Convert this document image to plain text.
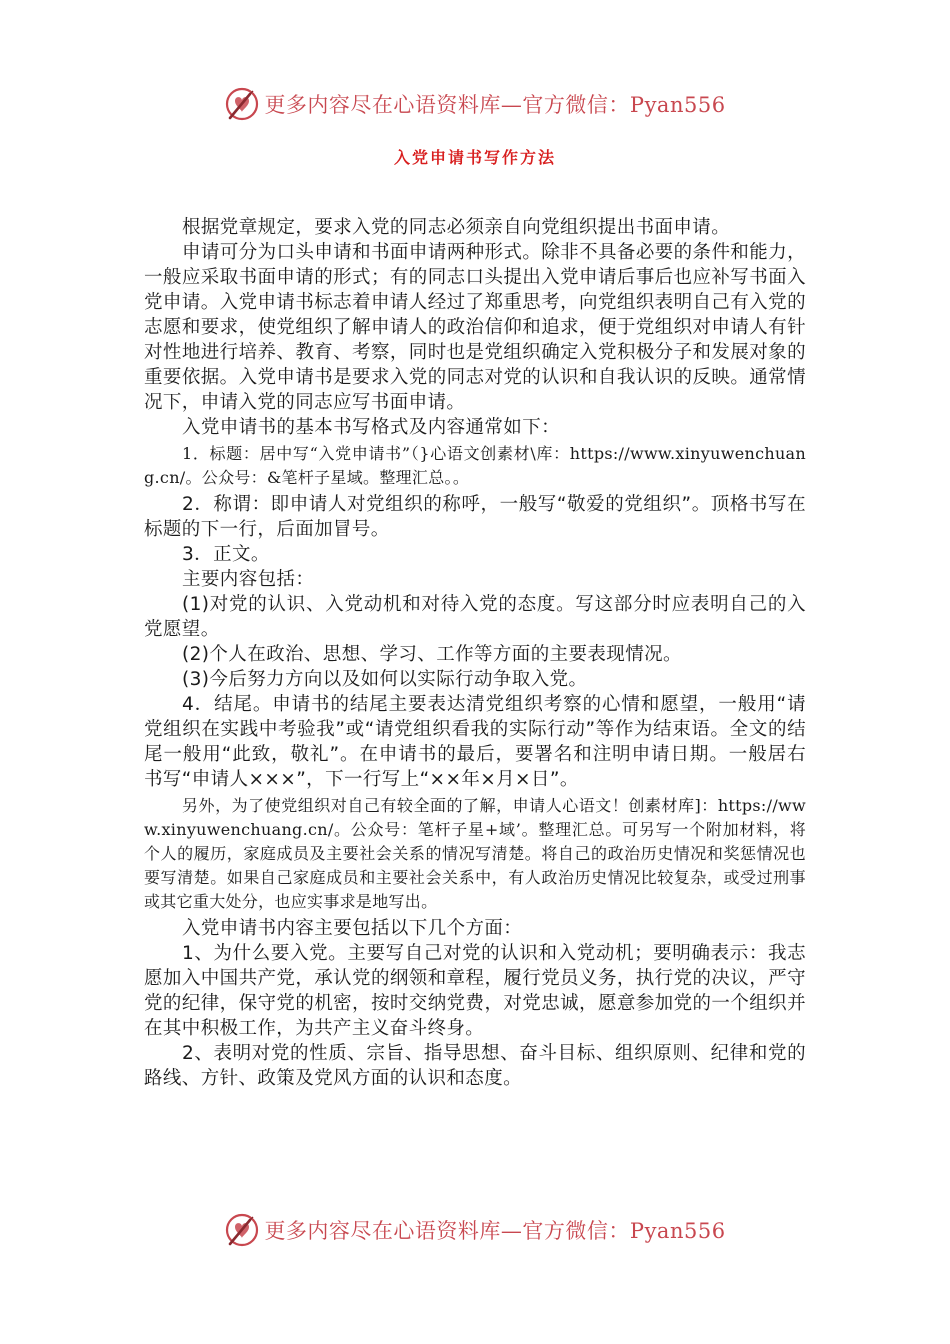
更多内容尽在心语资料库—官方微信：Pyan556
入党申请书写作方法

根据党章规定，要求入党的同志必须亲自向党组织提出书面申请。

申请可分为口头申请和书面申请两种形式。除非不具备必要的条件和能力，一般应采取书面申请的形式；有的同志口头提出入党申请后事后也应补写书面入党申请。入党申请书标志着申请人经过了郑重思考，向党组织表明自己有入党的志愿和要求，使党组织了解申请人的政治信仰和追求，便于党组织对申请人有针对性地进行培养、教育、考察，同时也是党组织确定入党积极分子和发展对象的重要依据。入党申请书是要求入党的同志对党的认识和自我认识的反映。通常情况下，申请入党的同志应写书面申请。

入党申请书的基本书写格式及内容通常如下：

1．标题：居中写“入党申请书”（}心语文创素材\库：https://www.xinyuwenchuang.cn/。公众号：&笔杆子星域。整理汇总。。

2．称谓：即申请人对党组织的称呼，一般写“敬爱的党组织”。顶格书写在标题的下一行，后面加冒号。

3．正文。

主要内容包括：

(1)对党的认识、入党动机和对待入党的态度。写这部分时应表明自己的入党愿望。

(2)个人在政治、思想、学习、工作等方面的主要表现情况。

(3)今后努力方向以及如何以实际行动争取入党。

4．结尾。申请书的结尾主要表达清党组织考察的心情和愿望，一般用“请党组织在实践中考验我”或“请党组织看我的实际行动”等作为结束语。全文的结尾一般用“此致，敬礼”。在申请书的最后，要署名和注明申请日期。一般居右书写“申请人×××”，下一行写上“××年×月×日”。

另外，为了使党组织对自己有较全面的了解，申请人心语文！创素材库]：https://www.xinyuwenchuang.cn/。公众号：笔杆子星+域’。整理汇总。可另写一个附加材料，将个人的履历，家庭成员及主要社会关系的情况写清楚。将自己的政治历史情况和奖惩情况也要写清楚。如果自己家庭成员和主要社会关系中，有人政治历史情况比较复杂，或受过刑事或其它重大处分，也应实事求是地写出。

入党申请书内容主要包括以下几个方面：

1、为什么要入党。主要写自己对党的认识和入党动机；要明确表示：我志愿加入中国共产党，承认党的纲领和章程，履行党员义务，执行党的决议，严守党的纪律，保守党的机密，按时交纳党费，对党忠诚，愿意参加党的一个组织并在其中积极工作，为共产主义奋斗终身。

2、表明对党的性质、宗旨、指导思想、奋斗目标、组织原则、纪律和党的路线、方针、政策及党风方面的认识和态度。

更多内容尽在心语资料库—官方微信：Pyan556
